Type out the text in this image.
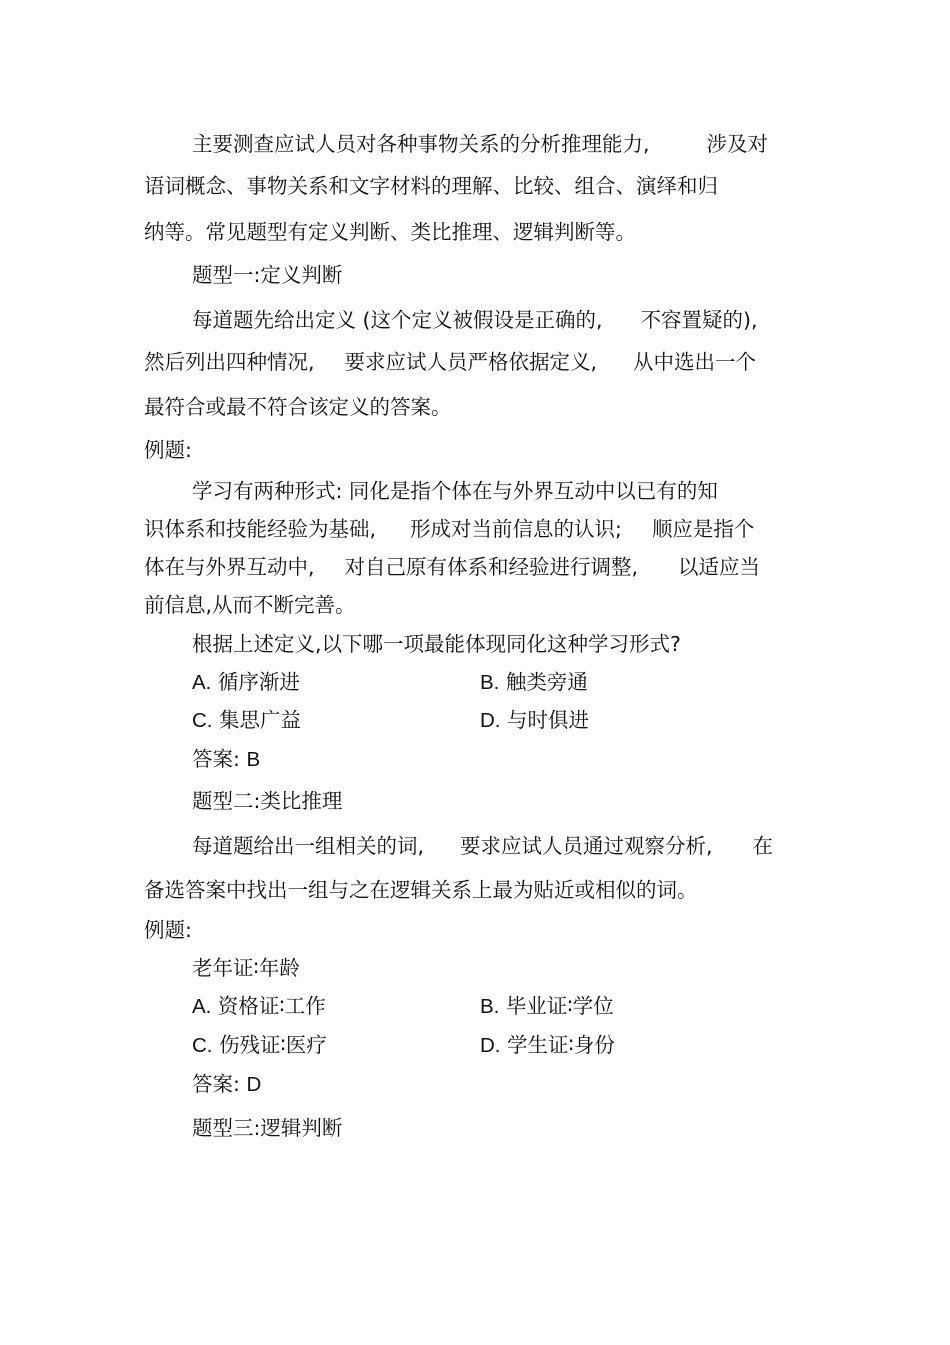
主要测查应试人员对各种事物关系的分析推理能力,	涉及对

语词概念、事物关系和文字材料的理解、比较、组合、演绎和归

纳等。常见题型有定义判断、类比推理、逻辑判断等。

题型一:定义判断

每道题先给出定义 (这个定义被假设是正确的, 不容置疑的),

然后列出四种情况, 要求应试人员严格依据定义, 从中选出一个

最符合或最不符合该定义的答案。

例题:

学习有两种形式: 同化是指个体在与外界互动中以已有的知

识体系和技能经验为基础, 形成对当前信息的认识; 顺应是指个

体在与外界互动中, 对自己原有体系和经验进行调整, 以适应当

前信息,从而不断完善。

根据上述定义,以下哪一项最能体现同化这种学习形式?

A. 循序渐进	B. 触类旁通

C. 集思广益	D. 与时俱进

答案: B

题型二:类比推理

每道题给出一组相关的词, 要求应试人员通过观察分析, 在

备选答案中找出一组与之在逻辑关系上最为贴近或相似的词。

例题:

老年证∶年龄

A. 资格证∶工作	B. 毕业证∶学位

C. 伤残证∶医疗	D. 学生证∶身份

答案: D

题型三:逻辑判断
